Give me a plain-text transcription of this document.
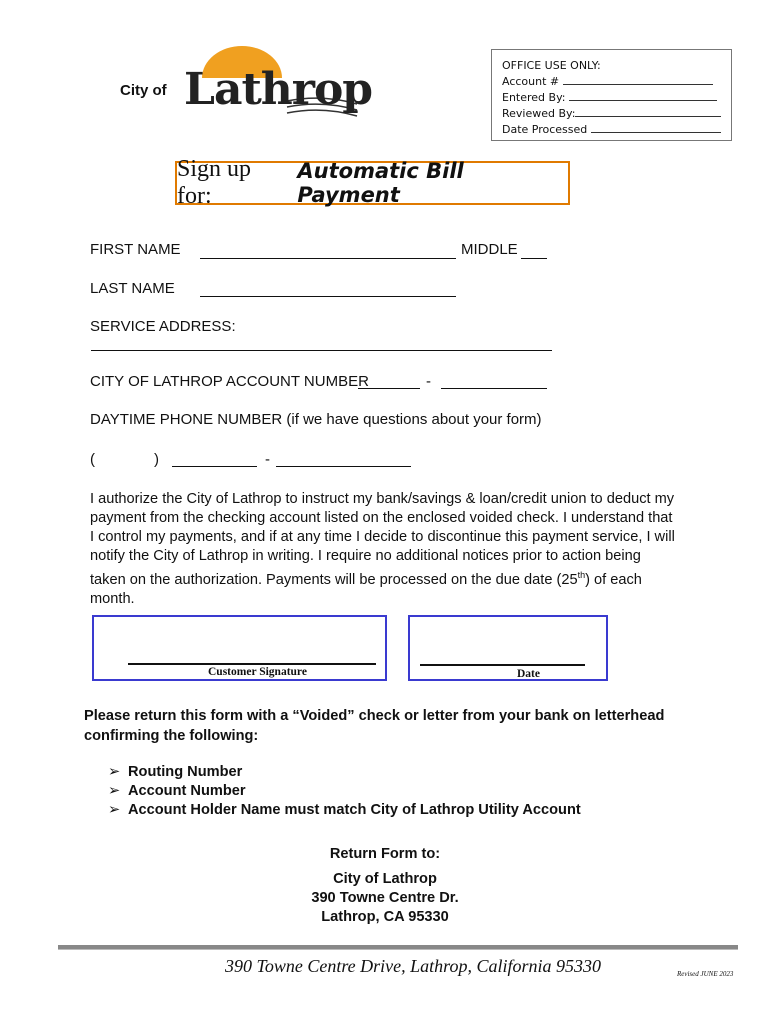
City of Lathrop	OFFICE USE ONLY:
Account #
Entered By:
Reviewed By:
Date Processed
Sign up for:
Automatic Bill Payment
FIRST NAME	MIDDLE
LAST NAME
SERVICE ADDRESS:
CITY OF LATHROP ACCOUNT NUMBER	-
DAYTIME PHONE NUMBER (if we have questions about your form)
(	)	-
I authorize the City of Lathrop to instruct my bank/savings & loan/credit union to deduct my payment from the checking account listed on the enclosed voided check. I understand that I control my payments, and if at any time I decide to discontinue this payment service, I will notify the City of Lathrop in writing. I require no additional notices prior to action being taken on the authorization. Payments will be processed on the due date (25th) of each month.
Customer Signature	Date
Please return this form with a “Voided” check or letter from your bank on letterhead confirming the following:
➢ Routing Number
➢ Account Number
➢ Account Holder Name must match City of Lathrop Utility Account
Return Form to:
City of Lathrop
390 Towne Centre Dr.
Lathrop, CA 95330
390 Towne Centre Drive, Lathrop, California 95330	Revised JUNE 2023
